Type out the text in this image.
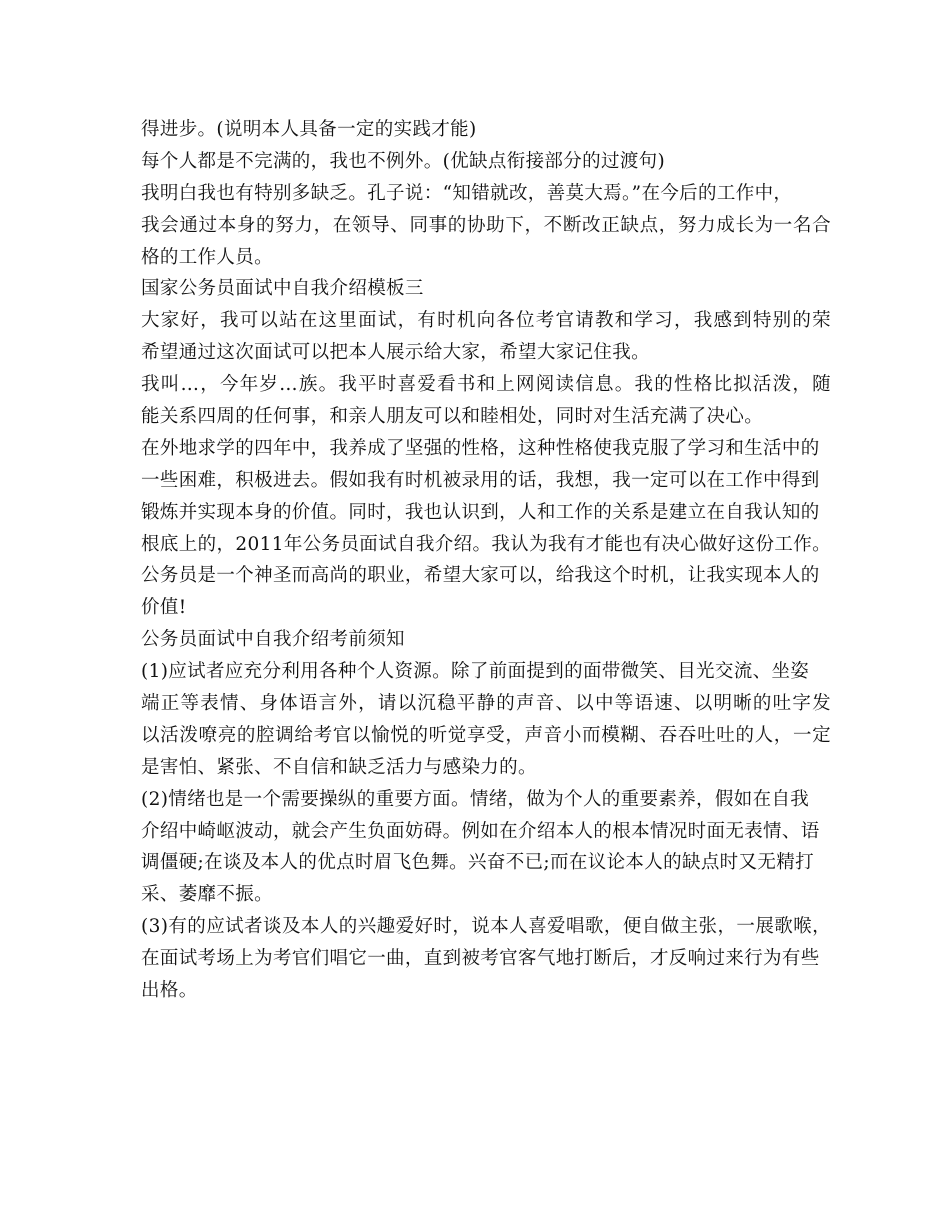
得进步。(说明本人具备一定的实践才能)
每个人都是不完满的，我也不例外。(优缺点衔接部分的过渡句)
我明白我也有特别多缺乏。孔子说：“知错就改，善莫大焉。”在今后的工作中，
我会通过本身的努力，在领导、同事的协助下，不断改正缺点，努力成长为一名合
格的工作人员。
国家公务员面试中自我介绍模板三
大家好，我可以站在这里面试，有时机向各位考官请教和学习，我感到特别的荣
希望通过这次面试可以把本人展示给大家，希望大家记住我。
我叫…，今年岁…族。我平时喜爱看书和上网阅读信息。我的性格比拟活泼，随
能关系四周的任何事，和亲人朋友可以和睦相处，同时对生活充满了决心。
在外地求学的四年中，我养成了坚强的性格，这种性格使我克服了学习和生活中的
一些困难，积极进去。假如我有时机被录用的话，我想，我一定可以在工作中得到
锻炼并实现本身的价值。同时，我也认识到，人和工作的关系是建立在自我认知的
根底上的，2011年公务员面试自我介绍。我认为我有才能也有决心做好这份工作。
公务员是一个神圣而高尚的职业，希望大家可以，给我这个时机，让我实现本人的
价值!
公务员面试中自我介绍考前须知
(1)应试者应充分利用各种个人资源。除了前面提到的面带微笑、目光交流、坐姿
端正等表情、身体语言外，请以沉稳平静的声音、以中等语速、以明晰的吐字发
以活泼嘹亮的腔调给考官以愉悦的听觉享受，声音小而模糊、吞吞吐吐的人，一定
是害怕、紧张、不自信和缺乏活力与感染力的。
(2)情绪也是一个需要操纵的重要方面。情绪，做为个人的重要素养，假如在自我
介绍中崎岖波动，就会产生负面妨碍。例如在介绍本人的根本情况时面无表情、语
调僵硬;在谈及本人的优点时眉飞色舞。兴奋不已;而在议论本人的缺点时又无精打
采、萎靡不振。
(3)有的应试者谈及本人的兴趣爱好时，说本人喜爱唱歌，便自做主张，一展歌喉，
在面试考场上为考官们唱它一曲，直到被考官客气地打断后，才反响过来行为有些
出格。
